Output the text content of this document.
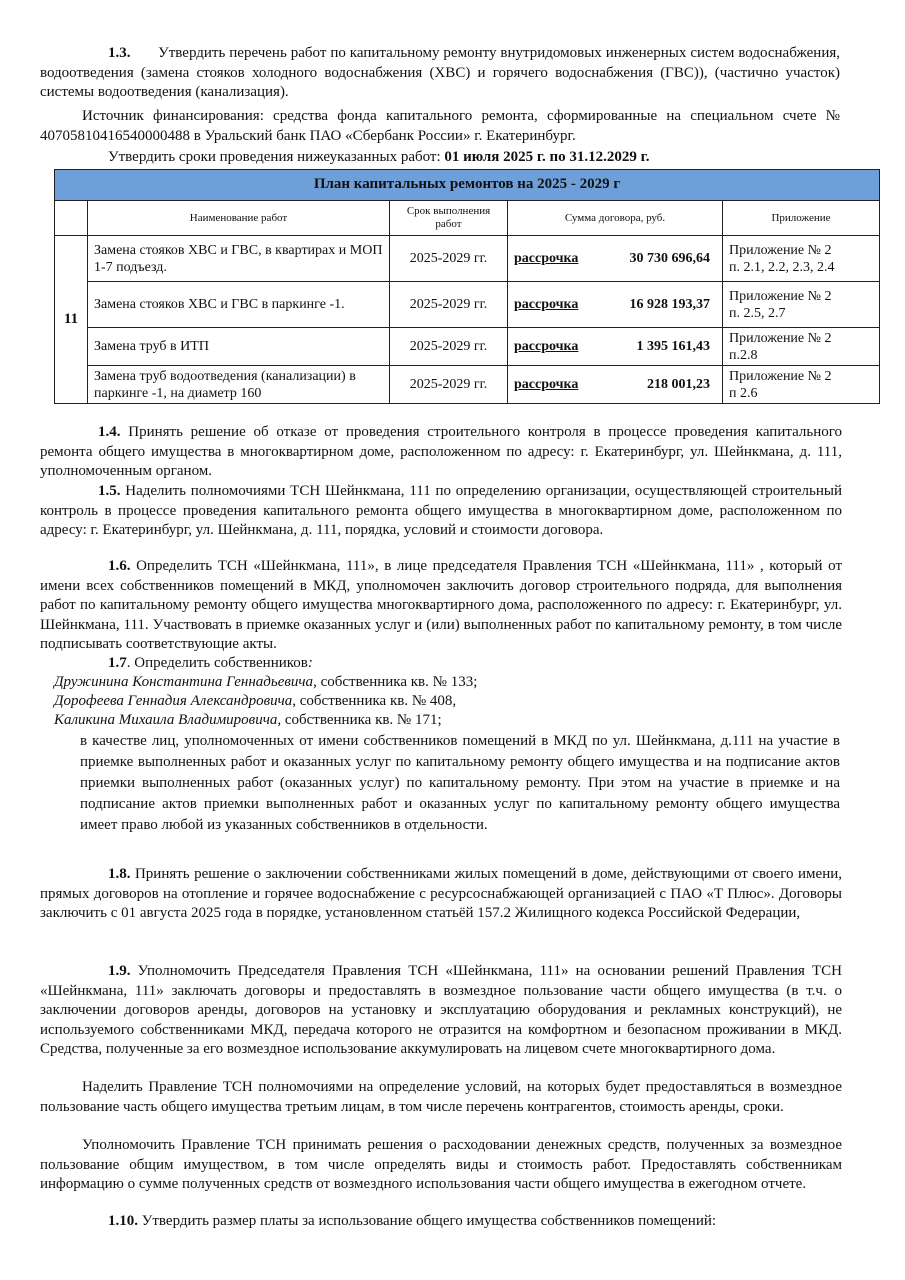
1.3. Утвердить перечень работ по капитальному ремонту внутридомовых инженерных систем водоснабжения, водоотведения (замена стояков холодного водоснабжения (ХВС) и горячего водоснабжения (ГВС)), (частично участок) системы водоотведения (канализация).

Источник финансирования: средства фонда капитального ремонта, сформированные на специальном счете № 40705810416540000488 в Уральский банк ПАО «Сбербанк России» г. Екатеринбург.

Утвердить сроки проведения нижеуказанных работ: 01 июля 2025 г. по 31.12.2029 г.

План капитальных ремонтов на 2025 - 2029 г				
	Наименование работ	Срок выполнения работ	Сумма договора, руб.	Приложение
11	Замена стояков ХВС и ГВС, в квартирах и МОП 1-7 подъезд.	2025-2029 гг.	рассрочка 30 730 696,64	Приложение № 2
п. 2.1, 2.2, 2.3, 2.4
	Замена стояков ХВС и ГВС в паркинге -1.	2025-2029 гг.	рассрочка 16 928 193,37	Приложение № 2
п. 2.5, 2.7
	Замена труб в ИТП	2025-2029 гг.	рассрочка 1 395 161,43	Приложение № 2
п.2.8
	Замена труб водоотведения (канализации) в паркинге -1, на диаметр 160	2025-2029 гг.	рассрочка 218 001,23	Приложение № 2
п 2.6

1.4. Принять решение об отказе от проведения строительного контроля в процессе проведения капитального ремонта общего имущества в многоквартирном доме, расположенном по адресу: г. Екатеринбург, ул. Шейнкмана, д. 111, уполномоченным органом.

1.5. Наделить полномочиями ТСН Шейнкмана, 111 по определению организации, осуществляющей строительный контроль в процессе проведения капитального ремонта общего имущества в многоквартирном доме, расположенном по адресу: г. Екатеринбург, ул. Шейнкмана, д. 111, порядка, условий и стоимости договора.

1.6. Определить ТСН «Шейнкмана, 111», в лице председателя Правления ТСН «Шейнкмана, 111» , который от имени всех собственников помещений в МКД, уполномочен заключить договор строительного подряда, для выполнения работ по капитальному ремонту общего имущества многоквартирного дома, расположенного по адресу: г. Екатеринбург, ул. Шейнкмана, 111. Участвовать в приемке оказанных услуг и (или) выполненных работ по капитальному ремонту, в том числе подписывать соответствующие акты.

1.7. Определить собственников:

Дружинина Константина Геннадьевича, собственника кв. № 133;

Дорофеева Геннадия Александровича, собственника кв. № 408,

Каликина Михаила Владимировича, собственника кв. № 171;

в качестве лиц, уполномоченных от имени собственников помещений в МКД по ул. Шейнкмана, д.111 на участие в приемке выполненных работ и оказанных услуг по капитальному ремонту общего имущества и на подписание актов приемки выполненных работ (оказанных услуг) по капитальному ремонту. При этом на участие в приемке и на подписание актов приемки выполненных работ и оказанных услуг по капитальному ремонту общего имущества имеет право любой из указанных собственников в отдельности.

1.8. Принять решение о заключении собственниками жилых помещений в доме, действующими от своего имени, прямых договоров на отопление и горячее водоснабжение с ресурсоснабжающей организацией с ПАО «Т Плюс». Договоры заключить с 01 августа 2025 года в порядке, установленном статьёй 157.2 Жилищного кодекса Российской Федерации,

1.9. Уполномочить Председателя Правления ТСН «Шейнкмана, 111» на основании решений Правления ТСН «Шейнкмана, 111» заключать договоры и предоставлять в возмездное пользование части общего имущества (в т.ч. о заключении договоров аренды, договоров на установку и эксплуатацию оборудования и рекламных конструкций), не используемого собственниками МКД, передача которого не отразится на комфортном и безопасном проживании в МКД. Средства, полученные за его возмездное использование аккумулировать на лицевом счете многоквартирного дома.

Наделить Правление ТСН полномочиями на определение условий, на которых будет предоставляться в возмездное пользование часть общего имущества третьим лицам, в том числе перечень контрагентов, стоимость аренды, сроки.

Уполномочить Правление ТСН принимать решения о расходовании денежных средств, полученных за возмездное пользование общим имуществом, в том числе определять виды и стоимость работ. Предоставлять собственникам информацию о сумме полученных средств от возмездного использования части общего имущества в ежегодном отчете.

1.10. Утвердить размер платы за использование общего имущества собственников помещений:
